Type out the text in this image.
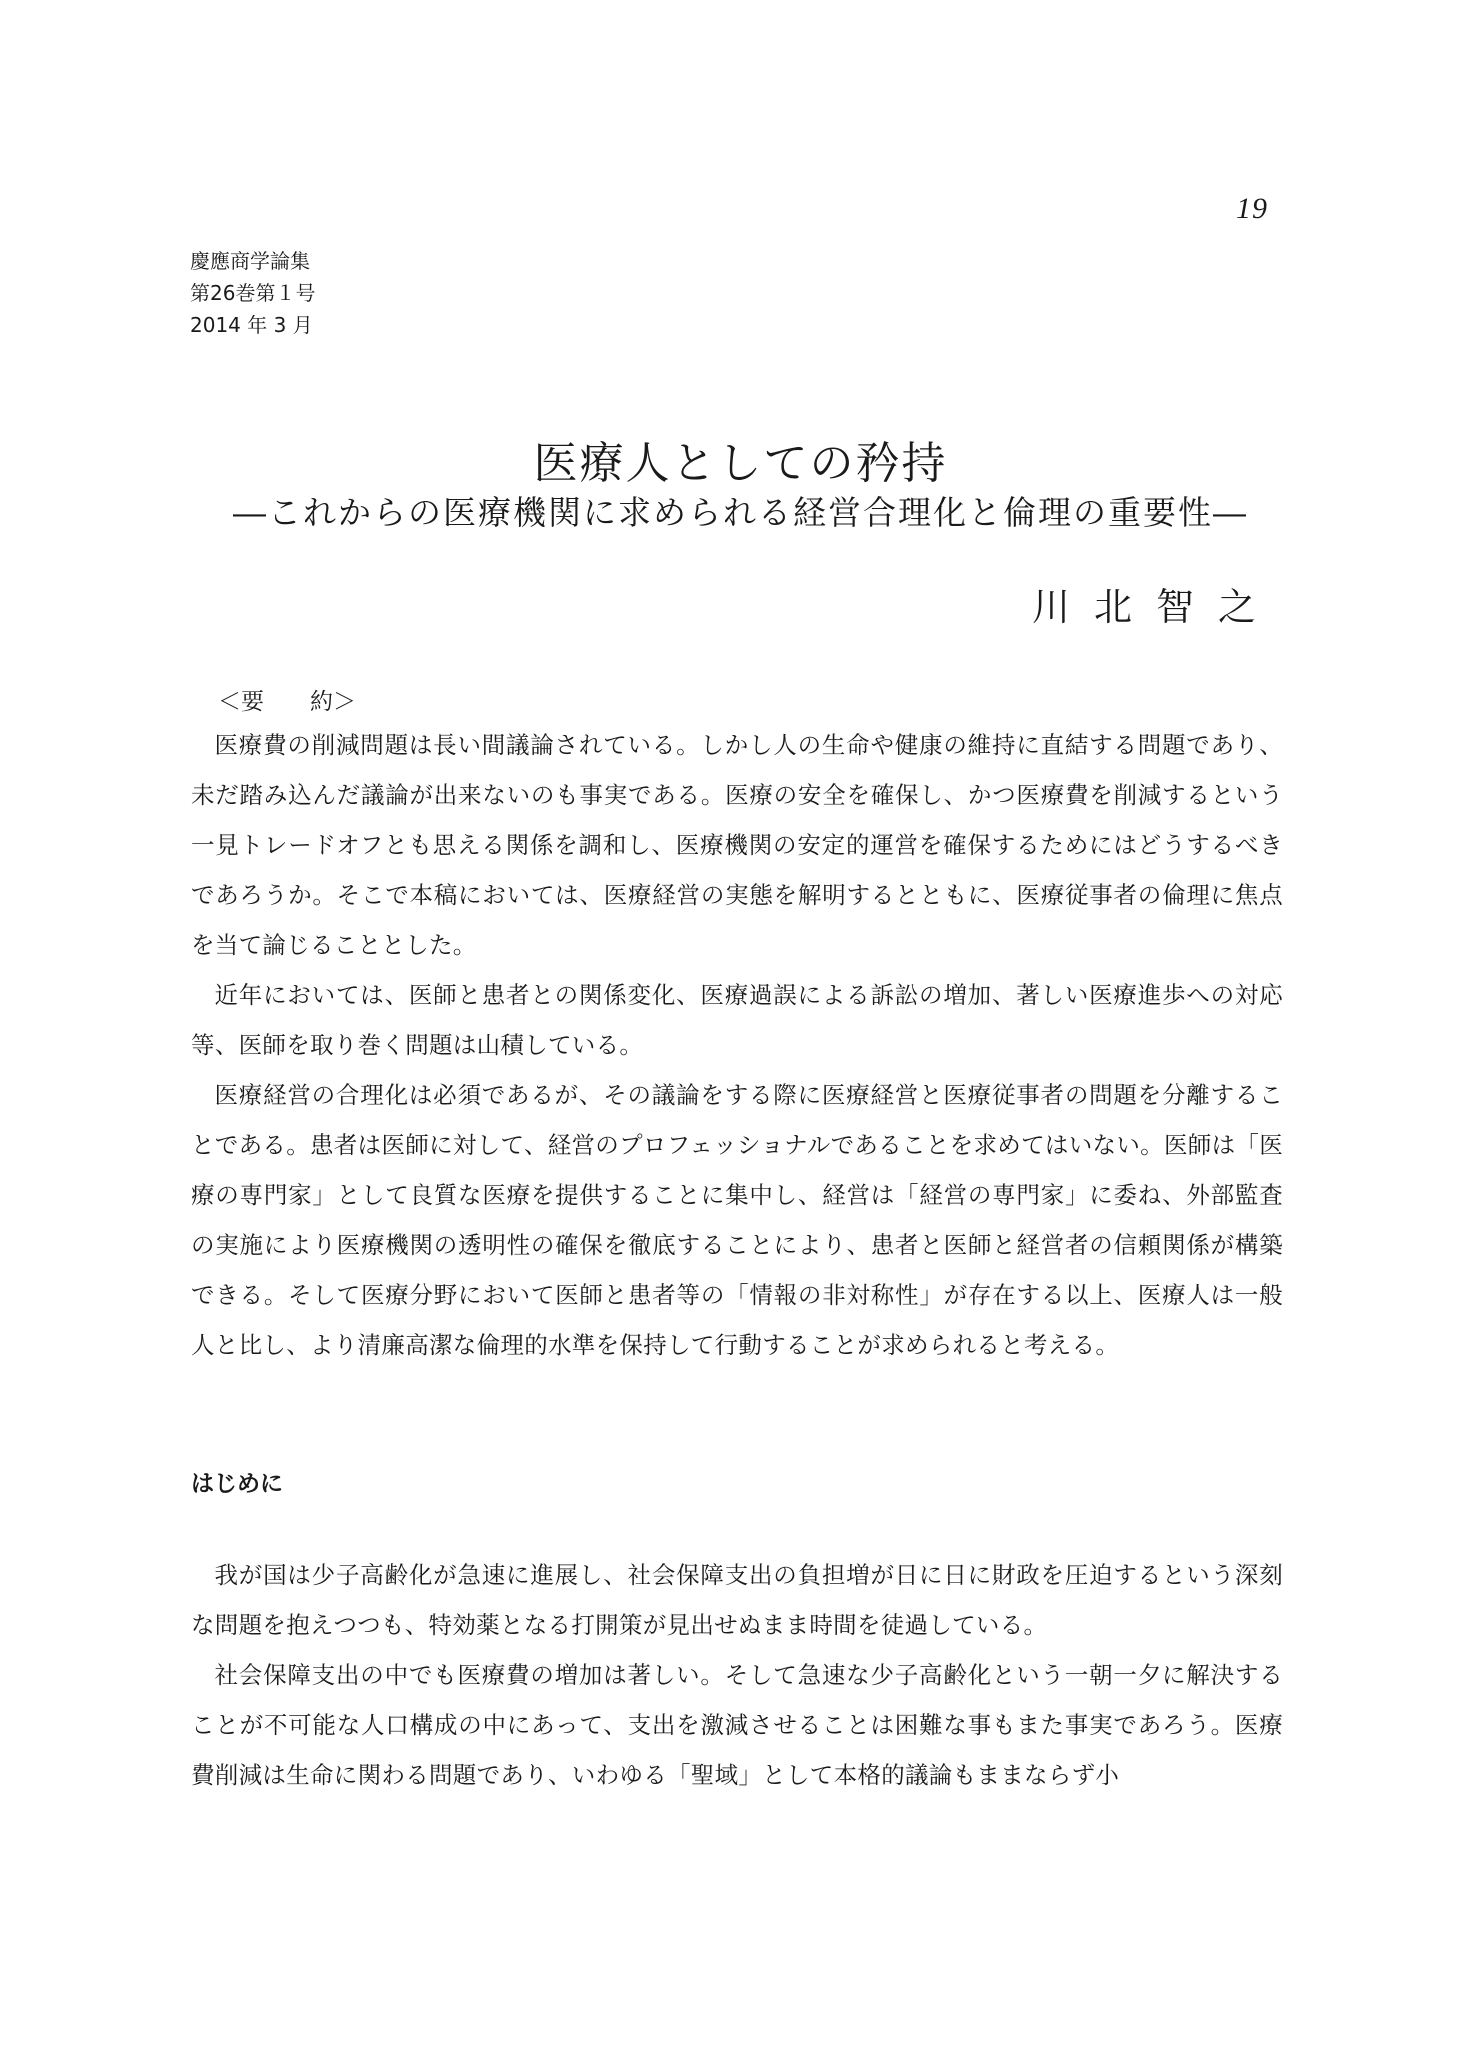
19
慶應商学論集
第26巻第１号
2014 年 3 月
医療人としての矜持
―これからの医療機関に求められる経営合理化と倫理の重要性―
川北智之
＜要　　約＞

医療費の削減問題は長い間議論されている。しかし人の生命や健康の維持に直結する問題であり、未だ踏み込んだ議論が出来ないのも事実である。医療の安全を確保し、かつ医療費を削減するという一見トレードオフとも思える関係を調和し、医療機関の安定的運営を確保するためにはどうするべきであろうか。そこで本稿においては、医療経営の実態を解明するとともに、医療従事者の倫理に焦点を当て論じることとした。

近年においては、医師と患者との関係変化、医療過誤による訴訟の増加、著しい医療進歩への対応等、医師を取り巻く問題は山積している。

医療経営の合理化は必須であるが、その議論をする際に医療経営と医療従事者の問題を分離することである。患者は医師に対して、経営のプロフェッショナルであることを求めてはいない。医師は「医療の専門家」として良質な医療を提供することに集中し、経営は「経営の専門家」に委ね、外部監査の実施により医療機関の透明性の確保を徹底することにより、患者と医師と経営者の信頼関係が構築できる。そして医療分野において医師と患者等の「情報の非対称性」が存在する以上、医療人は一般人と比し、より清廉高潔な倫理的水準を保持して行動することが求められると考える。

はじめに

我が国は少子高齢化が急速に進展し、社会保障支出の負担増が日に日に財政を圧迫するという深刻な問題を抱えつつも、特効薬となる打開策が見出せぬまま時間を徒過している。

社会保障支出の中でも医療費の増加は著しい。そして急速な少子高齢化という一朝一夕に解決することが不可能な人口構成の中にあって、支出を激減させることは困難な事もまた事実であろう。医療費削減は生命に関わる問題であり、いわゆる「聖域」として本格的議論もままならず小
